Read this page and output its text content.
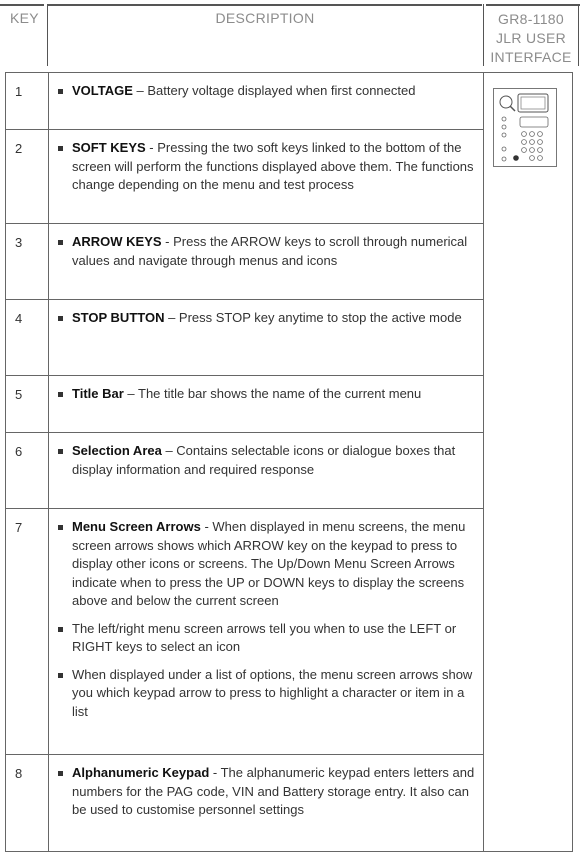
KEY	DESCRIPTION	GR8-1180
JLR USER
INTERFACE
1	VOLTAGE – Battery voltage displayed when first connected
2	SOFT KEYS - Pressing the two soft keys linked to the bottom of the screen will perform the functions displayed above them. The functions change depending on the menu and test process
3	ARROW KEYS - Press the ARROW keys to scroll through numerical values and navigate through menus and icons
4	STOP BUTTON – Press STOP key anytime to stop the active mode
5	Title Bar – The title bar shows the name of the current menu
6	Selection Area – Contains selectable icons or dialogue boxes that display information and required response
7	Menu Screen Arrows - When displayed in menu screens, the menu screen arrows shows which ARROW key on the keypad to press to display other icons or screens. The Up/Down Menu Screen Arrows indicate when to press the UP or DOWN keys to display the screens above and below the current screen
The left/right menu screen arrows tell you when to use the LEFT or RIGHT keys to select an icon
When displayed under a list of options, the menu screen arrows show you which keypad arrow to press to highlight a character or item in a list
8	Alphanumeric Keypad - The alphanumeric keypad enters letters and numbers for the PAG code, VIN and Battery storage entry. It also can be used to customise personnel settings
